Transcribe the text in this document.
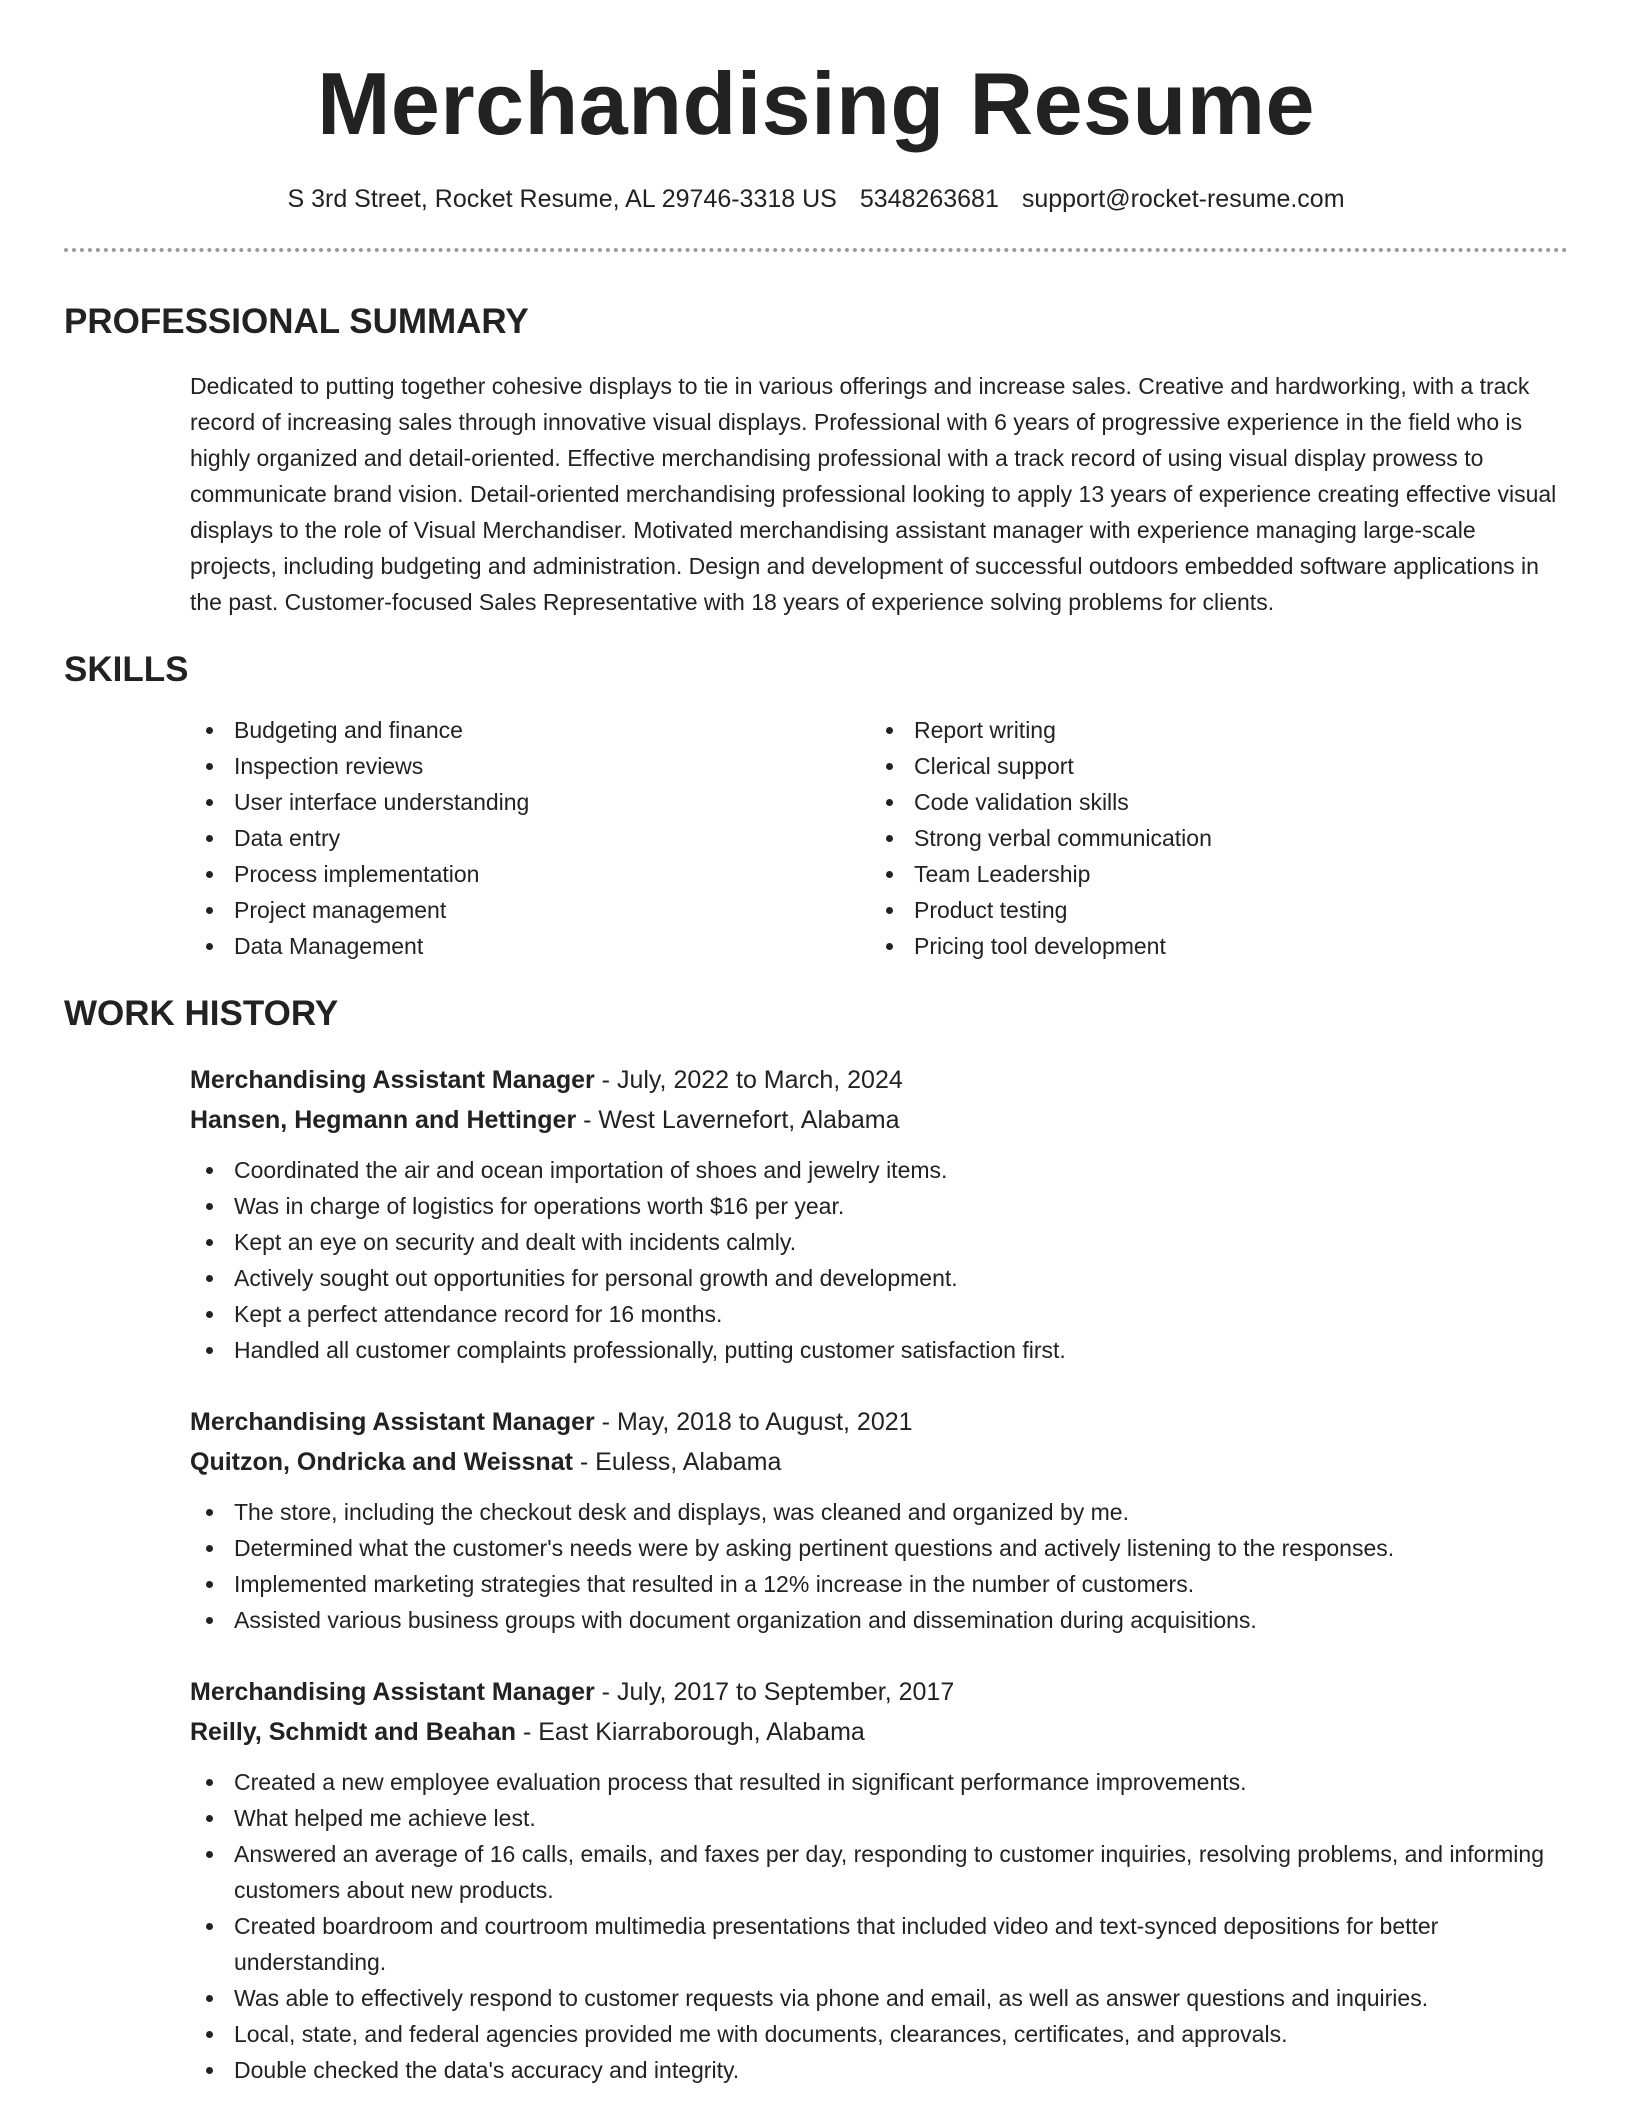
Merchandising Resume
S 3rd Street, Rocket Resume, AL 29746-3318 US 5348263681 support@rocket-resume.com
PROFESSIONAL SUMMARY
Dedicated to putting together cohesive displays to tie in various offerings and increase sales. Creative and hardworking, with a track record of increasing sales through innovative visual displays. Professional with 6 years of progressive experience in the field who is highly organized and detail-oriented. Effective merchandising professional with a track record of using visual display prowess to communicate brand vision. Detail-oriented merchandising professional looking to apply 13 years of experience creating effective visual displays to the role of Visual Merchandiser. Motivated merchandising assistant manager with experience managing large-scale projects, including budgeting and administration. Design and development of successful outdoors embedded software applications in the past. Customer-focused Sales Representative with 18 years of experience solving problems for clients.
SKILLS
Budgeting and finance
Inspection reviews
User interface understanding
Data entry
Process implementation
Project management
Data Management
Report writing
Clerical support
Code validation skills
Strong verbal communication
Team Leadership
Product testing
Pricing tool development
WORK HISTORY
Merchandising Assistant Manager - July, 2022 to March, 2024
Hansen, Hegmann and Hettinger - West Lavernefort, Alabama
Coordinated the air and ocean importation of shoes and jewelry items.
Was in charge of logistics for operations worth $16 per year.
Kept an eye on security and dealt with incidents calmly.
Actively sought out opportunities for personal growth and development.
Kept a perfect attendance record for 16 months.
Handled all customer complaints professionally, putting customer satisfaction first.
Merchandising Assistant Manager - May, 2018 to August, 2021
Quitzon, Ondricka and Weissnat - Euless, Alabama
The store, including the checkout desk and displays, was cleaned and organized by me.
Determined what the customer's needs were by asking pertinent questions and actively listening to the responses.
Implemented marketing strategies that resulted in a 12% increase in the number of customers.
Assisted various business groups with document organization and dissemination during acquisitions.
Merchandising Assistant Manager - July, 2017 to September, 2017
Reilly, Schmidt and Beahan - East Kiarraborough, Alabama
Created a new employee evaluation process that resulted in significant performance improvements.
What helped me achieve lest.
Answered an average of 16 calls, emails, and faxes per day, responding to customer inquiries, resolving problems, and informing customers about new products.
Created boardroom and courtroom multimedia presentations that included video and text-synced depositions for better understanding.
Was able to effectively respond to customer requests via phone and email, as well as answer questions and inquiries.
Local, state, and federal agencies provided me with documents, clearances, certificates, and approvals.
Double checked the data's accuracy and integrity.
